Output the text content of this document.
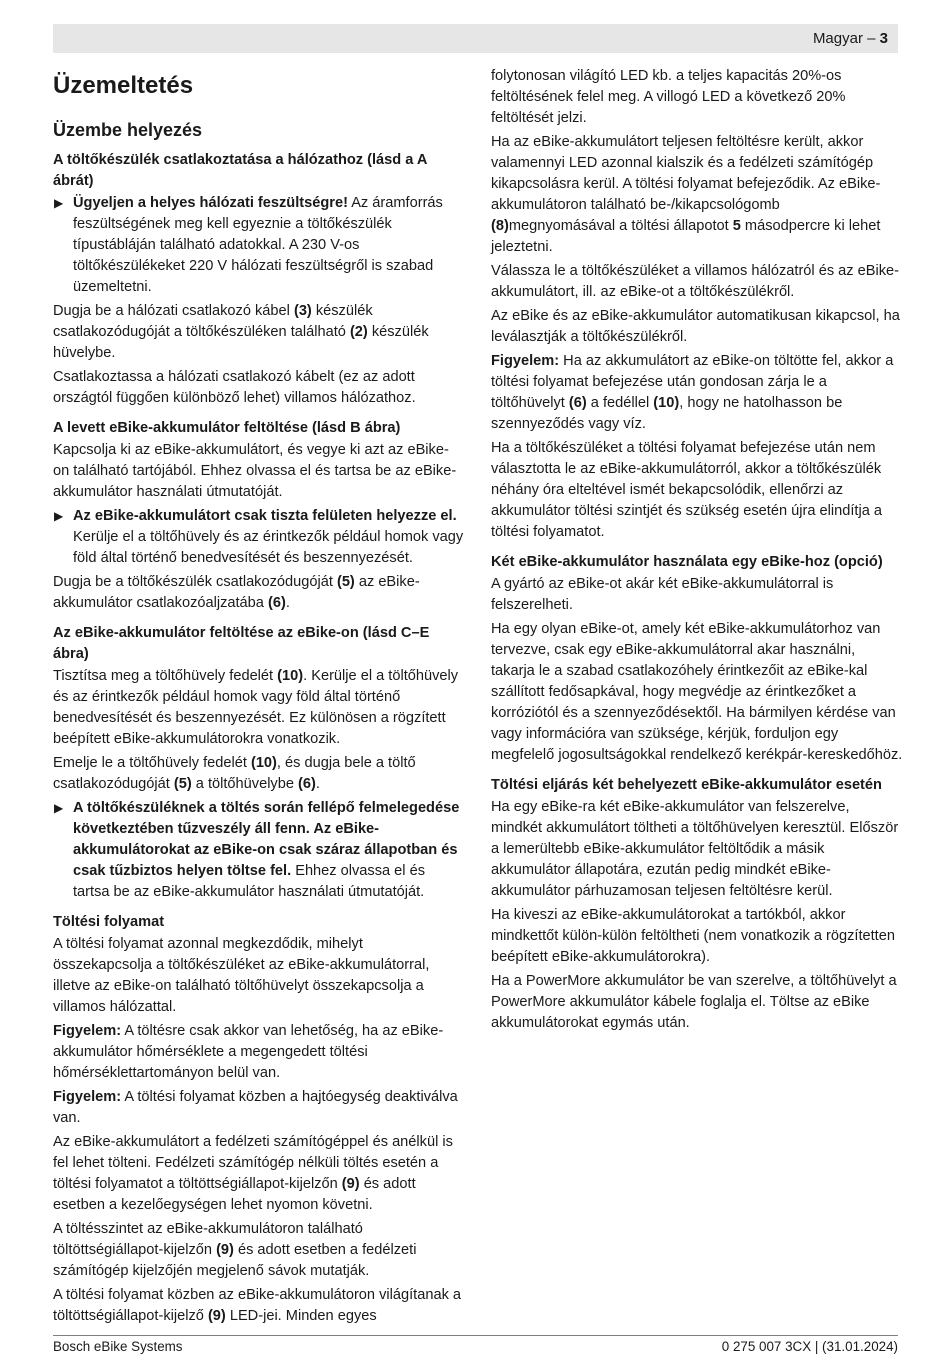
Magyar – 3
Üzemeltetés
Üzembe helyezés
A töltőkészülék csatlakoztatása a hálózathoz (lásd a A ábrát)
▶ Ügyeljen a helyes hálózati feszültségre! Az áramforrás feszültségének meg kell egyeznie a töltőkészülék típustábláján található adatokkal. A 230 V-os töltőkészülékeket 220 V hálózati feszültségről is szabad üzemeltetni.

Dugja be a hálózati csatlakozó kábel (3) készülék csatlakozódugóját a töltőkészüléken található (2) készülék hüvelybe.

Csatlakoztassa a hálózati csatlakozó kábelt (ez az adott országtól függően különböző lehet) villamos hálózathoz.

A levett eBike-akkumulátor feltöltése (lásd B ábra)

Kapcsolja ki az eBike-akkumulátort, és vegye ki azt az eBike-on található tartójából. Ehhez olvassa el és tartsa be az eBike-akkumulátor használati útmutatóját.

▶ Az eBike-akkumulátort csak tiszta felületen helyezze el. Kerülje el a töltőhüvely és az érintkezők például homok vagy föld által történő benedvesítését és beszennyezését.

Dugja be a töltőkészülék csatlakozódugóját (5) az eBike-akkumulátor csatlakozóaljzatába (6).

Az eBike-akkumulátor feltöltése az eBike-on (lásd C–E ábra)

Tisztítsa meg a töltőhüvely fedelét (10). Kerülje el a töltőhüvely és az érintkezők például homok vagy föld által történő benedvesítését és beszennyezését. Ez különösen a rögzített beépített eBike-akkumulátorokra vonatkozik.

Emelje le a töltőhüvely fedelét (10), és dugja bele a töltő csatlakozódugóját (5) a töltőhüvelybe (6).

▶ A töltőkészüléknek a töltés során fellépő felmelegedése következtében tűzveszély áll fenn. Az eBike-akkumulátorokat az eBike-on csak száraz állapotban és csak tűzbiztos helyen töltse fel. Ehhez olvassa el és tartsa be az eBike-akkumulátor használati útmutatóját.
Töltési folyamat

A töltési folyamat azonnal megkezdődik, mihelyt összekapcsolja a töltőkészüléket az eBike-akkumulátorral, illetve az eBike-on található töltőhüvelyt összekapcsolja a villamos hálózattal.

Figyelem: A töltésre csak akkor van lehetőség, ha az eBike-akkumulátor hőmérséklete a megengedett töltési hőmérséklettartományon belül van.

Figyelem: A töltési folyamat közben a hajtóegység deaktiválva van.

Az eBike-akkumulátort a fedélzeti számítógéppel és anélkül is fel lehet tölteni. Fedélzeti számítógép nélküli töltés esetén a töltési folyamatot a töltöttségiállapot-kijelzőn (9) és adott esetben a kezelőegységen lehet nyomon követni.

A töltésszintet az eBike-akkumulátoron található töltöttségiállapot-kijelzőn (9) és adott esetben a fedélzeti számítógép kijelzőjén megjelenő sávok mutatják.

A töltési folyamat közben az eBike-akkumulátoron világítanak a töltöttségiállapot-kijelző (9) LED-jei. Minden egyes

folytonosan világító LED kb. a teljes kapacitás 20%-os feltöltésének felel meg. A villogó LED a következő 20% feltöltését jelzi.

Ha az eBike-akkumulátort teljesen feltöltésre került, akkor valamennyi LED azonnal kialszik és a fedélzeti számítógép kikapcsolásra kerül. A töltési folyamat befejeződik. Az eBike-akkumulátoron található be-/kikapcsológomb (8)megnyomásával a töltési állapotot 5 másodpercre ki lehet jeleztetni.

Válassza le a töltőkészüléket a villamos hálózatról és az eBike-akkumulátort, ill. az eBike-ot a töltőkészülékről.

Az eBike és az eBike-akkumulátor automatikusan kikapcsol, ha leválasztják a töltőkészülékről.

Figyelem: Ha az akkumulátort az eBike-on töltötte fel, akkor a töltési folyamat befejezése után gondosan zárja le a töltőhüvelyt (6) a fedéllel (10), hogy ne hatolhasson be szennyeződés vagy víz.

Ha a töltőkészüléket a töltési folyamat befejezése után nem választotta le az eBike-akkumulátorról, akkor a töltőkészülék néhány óra elteltével ismét bekapcsolódik, ellenőrzi az akkumulátor töltési szintjét és szükség esetén újra elindítja a töltési folyamatot.

Két eBike-akkumulátor használata egy eBike-hoz (opció)

A gyártó az eBike-ot akár két eBike-akkumulátorral is felszerelheti.

Ha egy olyan eBike-ot, amely két eBike-akkumulátorhoz van tervezve, csak egy eBike-akkumulátorral akar használni, takarja le a szabad csatlakozóhely érintkezőit az eBike-kal szállított fedősapkával, hogy megvédje az érintkezőket a korróziótól és a szennyeződésektől. Ha bármilyen kérdése van vagy információra van szüksége, kérjük, forduljon egy megfelelő jogosultságokkal rendelkező kerékpár-kereskedőhöz.

Töltési eljárás két behelyezett eBike-akkumulátor esetén

Ha egy eBike-ra két eBike-akkumulátor van felszerelve, mindkét akkumulátort töltheti a töltőhüvelyen keresztül. Először a lemerültebb eBike-akkumulátor feltöltődik a másik akkumulátor állapotára, ezután pedig mindkét eBike-akkumulátor párhuzamosan teljesen feltöltésre kerül.

Ha kiveszi az eBike-akkumulátorokat a tartókból, akkor mindkettőt külön-külön feltöltheti (nem vonatkozik a rögzítetten beépített eBike-akkumulátorokra).

Ha a PowerMore akkumulátor be van szerelve, a töltőhüvelyt a PowerMore akkumulátor kábele foglalja el. Töltse az eBike akkumulátorokat egymás után.

Bosch eBike Systems	0 275 007 3CX | (31.01.2024)
